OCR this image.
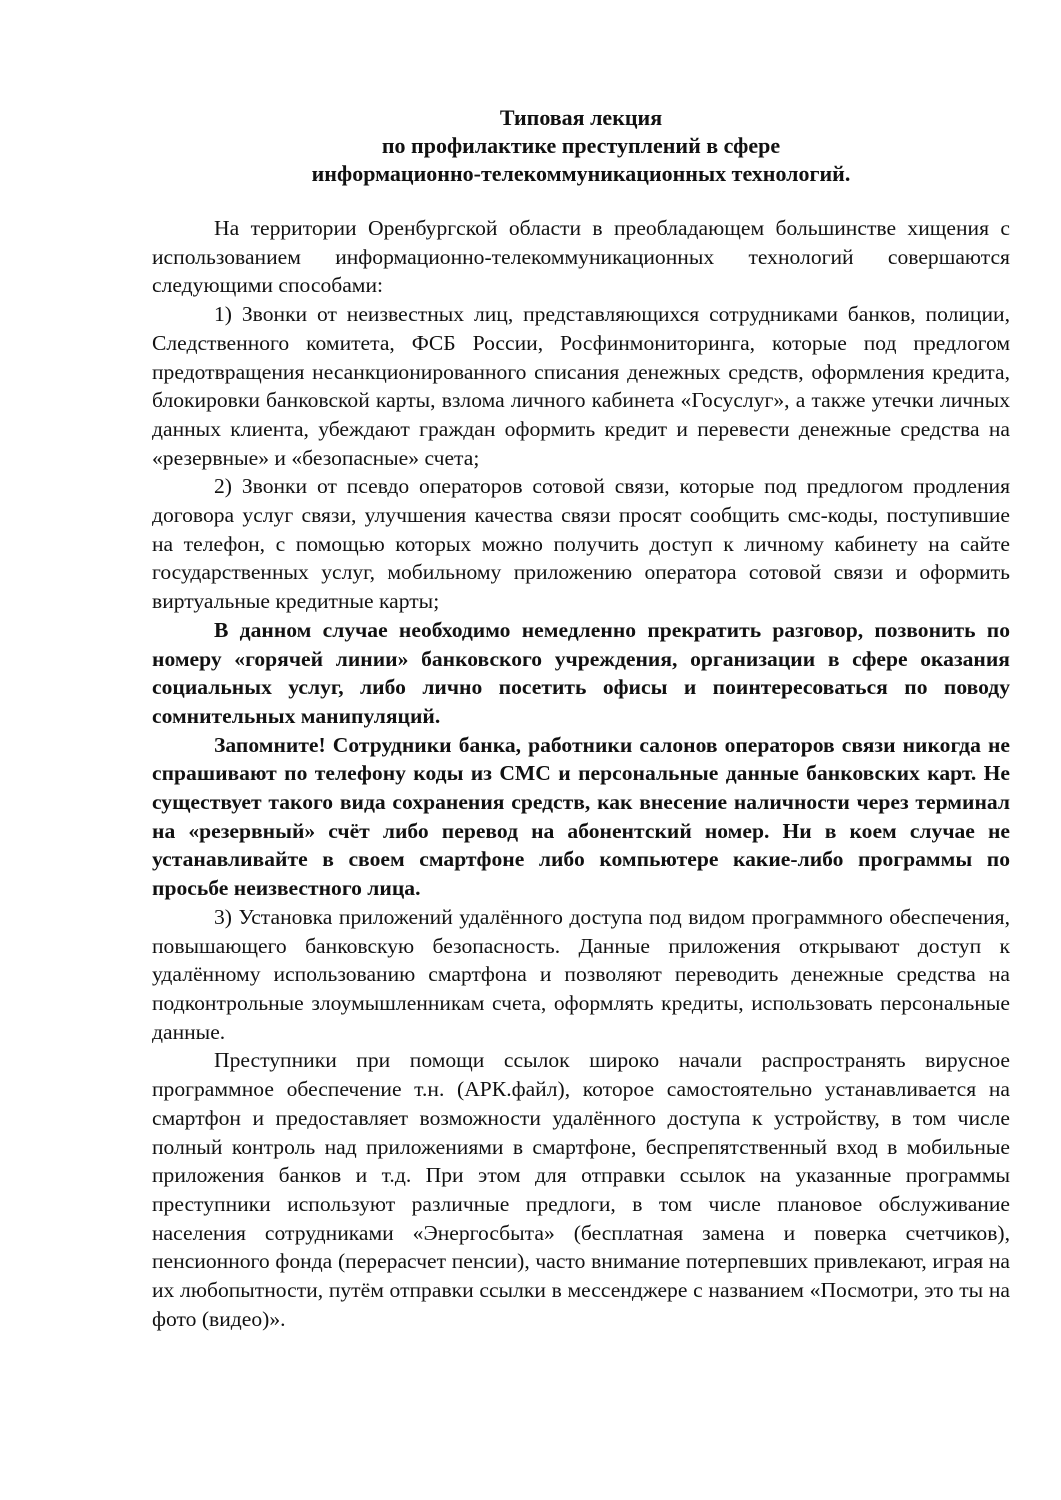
Типовая лекция
по профилактике преступлений в сфере
информационно-телекоммуникационных технологий.

На территории Оренбургской области в преобладающем большинстве хищения с использованием информационно-телекоммуникационных технологий совершаются следующими способами:

1) Звонки от неизвестных лиц, представляющихся сотрудниками банков, полиции, Следственного комитета, ФСБ России, Росфинмониторинга, которые под предлогом предотвращения несанкционированного списания денежных средств, оформления кредита, блокировки банковской карты, взлома личного кабинета «Госуслуг», а также утечки личных данных клиента, убеждают граждан оформить кредит и перевести денежные средства на «резервные» и «безопасные» счета;

2) Звонки от псевдо операторов сотовой связи, которые под предлогом продления договора услуг связи, улучшения качества связи просят сообщить смс-коды, поступившие на телефон, с помощью которых можно получить доступ к личному кабинету на сайте государственных услуг, мобильному приложению оператора сотовой связи и оформить виртуальные кредитные карты;

В данном случае необходимо немедленно прекратить разговор, позвонить по номеру «горячей линии» банковского учреждения, организации в сфере оказания социальных услуг, либо лично посетить офисы и поинтересоваться по поводу сомнительных манипуляций.

Запомните! Сотрудники банка, работники салонов операторов связи никогда не спрашивают по телефону коды из СМС и персональные данные банковских карт. Не существует такого вида сохранения средств, как внесение наличности через терминал на «резервный» счёт либо перевод на абонентский номер. Ни в коем случае не устанавливайте в своем смартфоне либо компьютере какие-либо программы по просьбе неизвестного лица.

3) Установка приложений удалённого доступа под видом программного обеспечения, повышающего банковскую безопасность. Данные приложения открывают доступ к удалённому использованию смартфона и позволяют переводить денежные средства на подконтрольные злоумышленникам счета, оформлять кредиты, использовать персональные данные.

Преступники при помощи ссылок широко начали распространять вирусное программное обеспечение т.н. (АРК.файл), которое самостоятельно устанавливается на смартфон и предоставляет возможности удалённого доступа к устройству, в том числе полный контроль над приложениями в смартфоне, беспрепятственный вход в мобильные приложения банков и т.д. При этом для отправки ссылок на указанные программы преступники используют различные предлоги, в том числе плановое обслуживание населения сотрудниками «Энергосбыта» (бесплатная замена и поверка счетчиков), пенсионного фонда (перерасчет пенсии), часто внимание потерпевших привлекают, играя на их любопытности, путём отправки ссылки в мессенджере с названием «Посмотри, это ты на фото (видео)».
